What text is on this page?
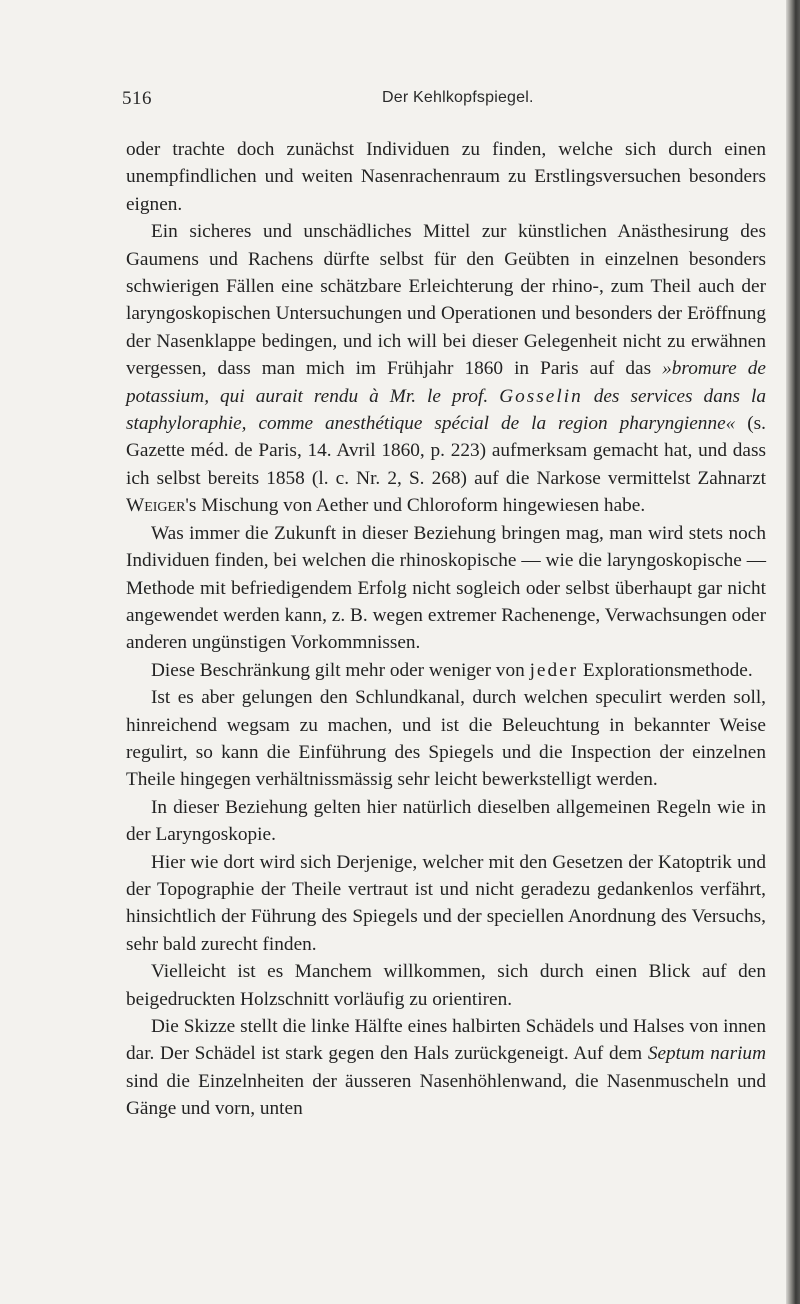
516	Der Kehlkopfspiegel.

oder trachte doch zunächst Individuen zu finden, welche sich durch einen unempfindlichen und weiten Nasenrachenraum zu Erstlingsversuchen besonders eignen.

Ein sicheres und unschädliches Mittel zur künstlichen Anästhesirung des Gaumens und Rachens dürfte selbst für den Geübten in einzelnen besonders schwierigen Fällen eine schätzbare Erleichterung der rhino-, zum Theil auch der laryngoskopischen Untersuchungen und Operationen und besonders der Eröffnung der Nasenklappe bedingen, und ich will bei dieser Gelegenheit nicht zu erwähnen vergessen, dass man mich im Frühjahr 1860 in Paris auf das »bromure de potassium, qui aurait rendu à Mr. le prof. Gosselin des services dans la staphyloraphie, comme anesthétique spécial de la region pharyngienne« (s. Gazette méd. de Paris, 14. Avril 1860, p. 223) aufmerksam gemacht hat, und dass ich selbst bereits 1858 (l. c. Nr. 2, S. 268) auf die Narkose vermittelst Zahnarzt Weiger's Mischung von Aether und Chloroform hingewiesen habe.

Was immer die Zukunft in dieser Beziehung bringen mag, man wird stets noch Individuen finden, bei welchen die rhinoskopische — wie die laryngoskopische — Methode mit befriedigendem Erfolg nicht sogleich oder selbst überhaupt gar nicht angewendet werden kann, z. B. wegen extremer Rachenenge, Verwachsungen oder anderen ungünstigen Vorkommnissen.

Diese Beschränkung gilt mehr oder weniger von jeder Explorationsmethode.

Ist es aber gelungen den Schlundkanal, durch welchen speculirt werden soll, hinreichend wegsam zu machen, und ist die Beleuchtung in bekannter Weise regulirt, so kann die Einführung des Spiegels und die Inspection der einzelnen Theile hingegen verhältnissmässig sehr leicht bewerkstelligt werden.

In dieser Beziehung gelten hier natürlich dieselben allgemeinen Regeln wie in der Laryngoskopie.

Hier wie dort wird sich Derjenige, welcher mit den Gesetzen der Katoptrik und der Topographie der Theile vertraut ist und nicht geradezu gedankenlos verfährt, hinsichtlich der Führung des Spiegels und der speciellen Anordnung des Versuchs, sehr bald zurecht finden.

Vielleicht ist es Manchem willkommen, sich durch einen Blick auf den beigedruckten Holzschnitt vorläufig zu orientiren.

Die Skizze stellt die linke Hälfte eines halbirten Schädels und Halses von innen dar. Der Schädel ist stark gegen den Hals zurückgeneigt. Auf dem Septum narium sind die Einzelnheiten der äusseren Nasenhöhlenwand, die Nasenmuscheln und Gänge und vorn, unten
